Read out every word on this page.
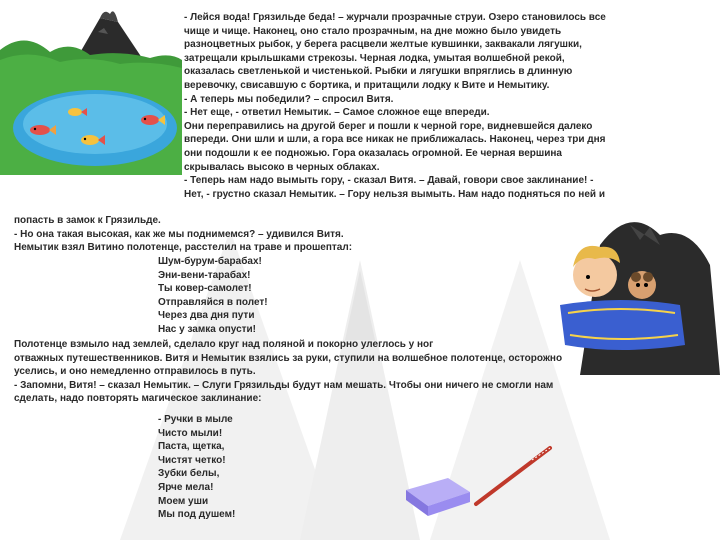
- Лейся вода! Грязильде беда! – журчали прозрачные струи. Озеро становилось все
чище и чище. Наконец, оно стало прозрачным, на дне можно было увидеть
разноцветных рыбок, у берега расцвели желтые кувшинки, заквакали лягушки,
затрещали крыльшками стрекозы. Черная лодка, умытая волшебной рекой,
оказалась светленькой и чистенькой. Рыбки и лягушки впряглись в длинную
веревочку, свисавшую с бортика, и притащили лодку к Вите и Немытику.
- А теперь мы победили? – спросил Витя.
- Нет еще, - ответил Немытик. – Самое сложное еще впереди.
Они переправились на другой берег и пошли к черной горе, видневшейся далеко
впереди. Они шли и шли, а гора все никак не приближалась. Наконец, через три дня
они подошли к ее подножью. Гора оказалась огромной. Ее черная вершина
скрывалась высоко в черных облаках.
- Теперь нам надо вымыть гору, - сказал Витя. – Давай, говори свое заклинание! -
Нет, - грустно сказал Немытик. – Гору нельзя вымыть. Нам надо подняться по ней и
попасть в замок к Грязильде.
- Но она такая высокая, как же мы поднимемся? – удивился Витя.
Немытик взял Витино полотенце, расстелил на траве и прошептал:
Шум-бурум-барабах!
Эни-вени-тарабах!
Ты ковер-самолет!
Отправляйся в полет!
Через два дня пути
Нас у замка опусти!
Полотенце взмыло над землей, сделало круг над поляной и покорно улеглось у ног
отважных путешественников. Витя и Немытик взялись за руки, ступили на волшебное полотенце, осторожно
уселись, и оно немедленно отправилось в путь.
- Запомни, Витя! – сказал Немытик. – Слуги Грязильды будут нам мешать. Чтобы они ничего не смогли нам
сделать, надо повторять магическое заклинание:
- Ручки в мыле
Чисто мыли!
Паста, щетка,
Чистят четко!
Зубки белы,
Ярче мела!
Моем уши
Мы под душем!
